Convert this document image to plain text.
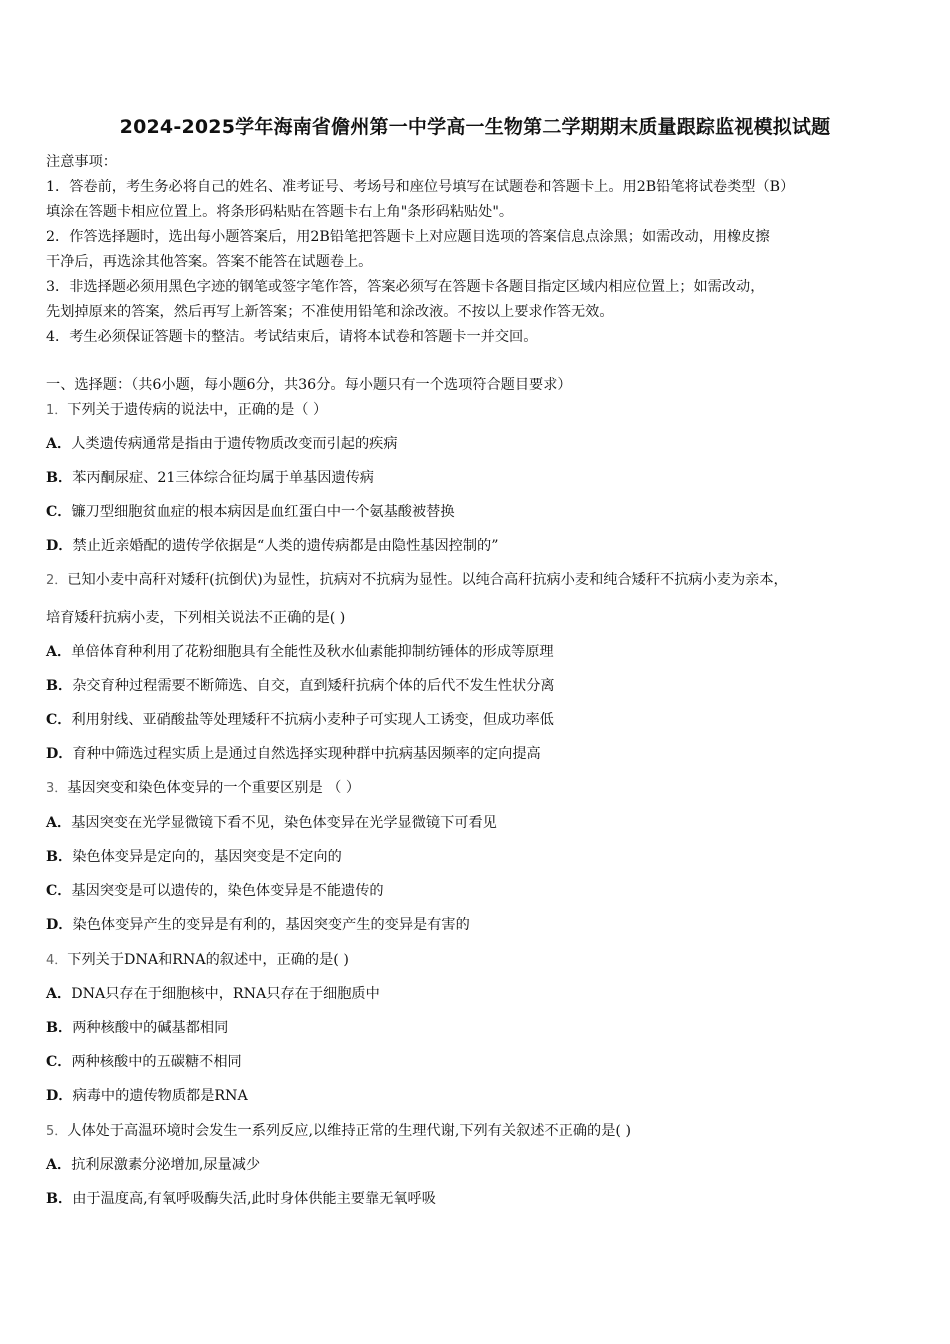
2024-2025学年海南省儋州第一中学高一生物第二学期期末质量跟踪监视模拟试题
注意事项：
1．答卷前，考生务必将自己的姓名、准考证号、考场号和座位号填写在试题卷和答题卡上。用2B铅笔将试卷类型（B）
填涂在答题卡相应位置上。将条形码粘贴在答题卡右上角"条形码粘贴处"。
2．作答选择题时，选出每小题答案后，用2B铅笔把答题卡上对应题目选项的答案信息点涂黑；如需改动，用橡皮擦
干净后，再选涂其他答案。答案不能答在试题卷上。
3．非选择题必须用黑色字迹的钢笔或签字笔作答，答案必须写在答题卡各题目指定区域内相应位置上；如需改动，
先划掉原来的答案，然后再写上新答案；不准使用铅笔和涂改液。不按以上要求作答无效。
4．考生必须保证答题卡的整洁。考试结束后，请将本试卷和答题卡一并交回。
一、选择题：（共6小题，每小题6分，共36分。每小题只有一个选项符合题目要求）
1．下列关于遗传病的说法中，正确的是（ ）
A．人类遗传病通常是指由于遗传物质改变而引起的疾病
B．苯丙酮尿症、21三体综合征均属于单基因遗传病
C．镰刀型细胞贫血症的根本病因是血红蛋白中一个氨基酸被替换
D．禁止近亲婚配的遗传学依据是“人类的遗传病都是由隐性基因控制的”
2．已知小麦中高秆对矮秆(抗倒伏)为显性，抗病对不抗病为显性。以纯合高秆抗病小麦和纯合矮秆不抗病小麦为亲本，
培育矮秆抗病小麦，下列相关说法不正确的是( )
A．单倍体育种利用了花粉细胞具有全能性及秋水仙素能抑制纺锤体的形成等原理
B．杂交育种过程需要不断筛选、自交，直到矮秆抗病个体的后代不发生性状分离
C．利用射线、亚硝酸盐等处理矮秆不抗病小麦种子可实现人工诱变，但成功率低
D．育种中筛选过程实质上是通过自然选择实现种群中抗病基因频率的定向提高
3．基因突变和染色体变异的一个重要区别是 （ ）
A．基因突变在光学显微镜下看不见，染色体变异在光学显微镜下可看见
B．染色体变异是定向的，基因突变是不定向的
C．基因突变是可以遗传的，染色体变异是不能遗传的
D．染色体变异产生的变异是有利的，基因突变产生的变异是有害的
4．下列关于DNA和RNA的叙述中，正确的是( )
A．DNA只存在于细胞核中，RNA只存在于细胞质中
B．两种核酸中的碱基都相同
C．两种核酸中的五碳糖不相同
D．病毒中的遗传物质都是RNA
5．人体处于高温环境时会发生一系列反应,以维持正常的生理代谢,下列有关叙述不正确的是( )
A．抗利尿激素分泌增加,尿量减少
B．由于温度高,有氧呼吸酶失活,此时身体供能主要靠无氧呼吸
